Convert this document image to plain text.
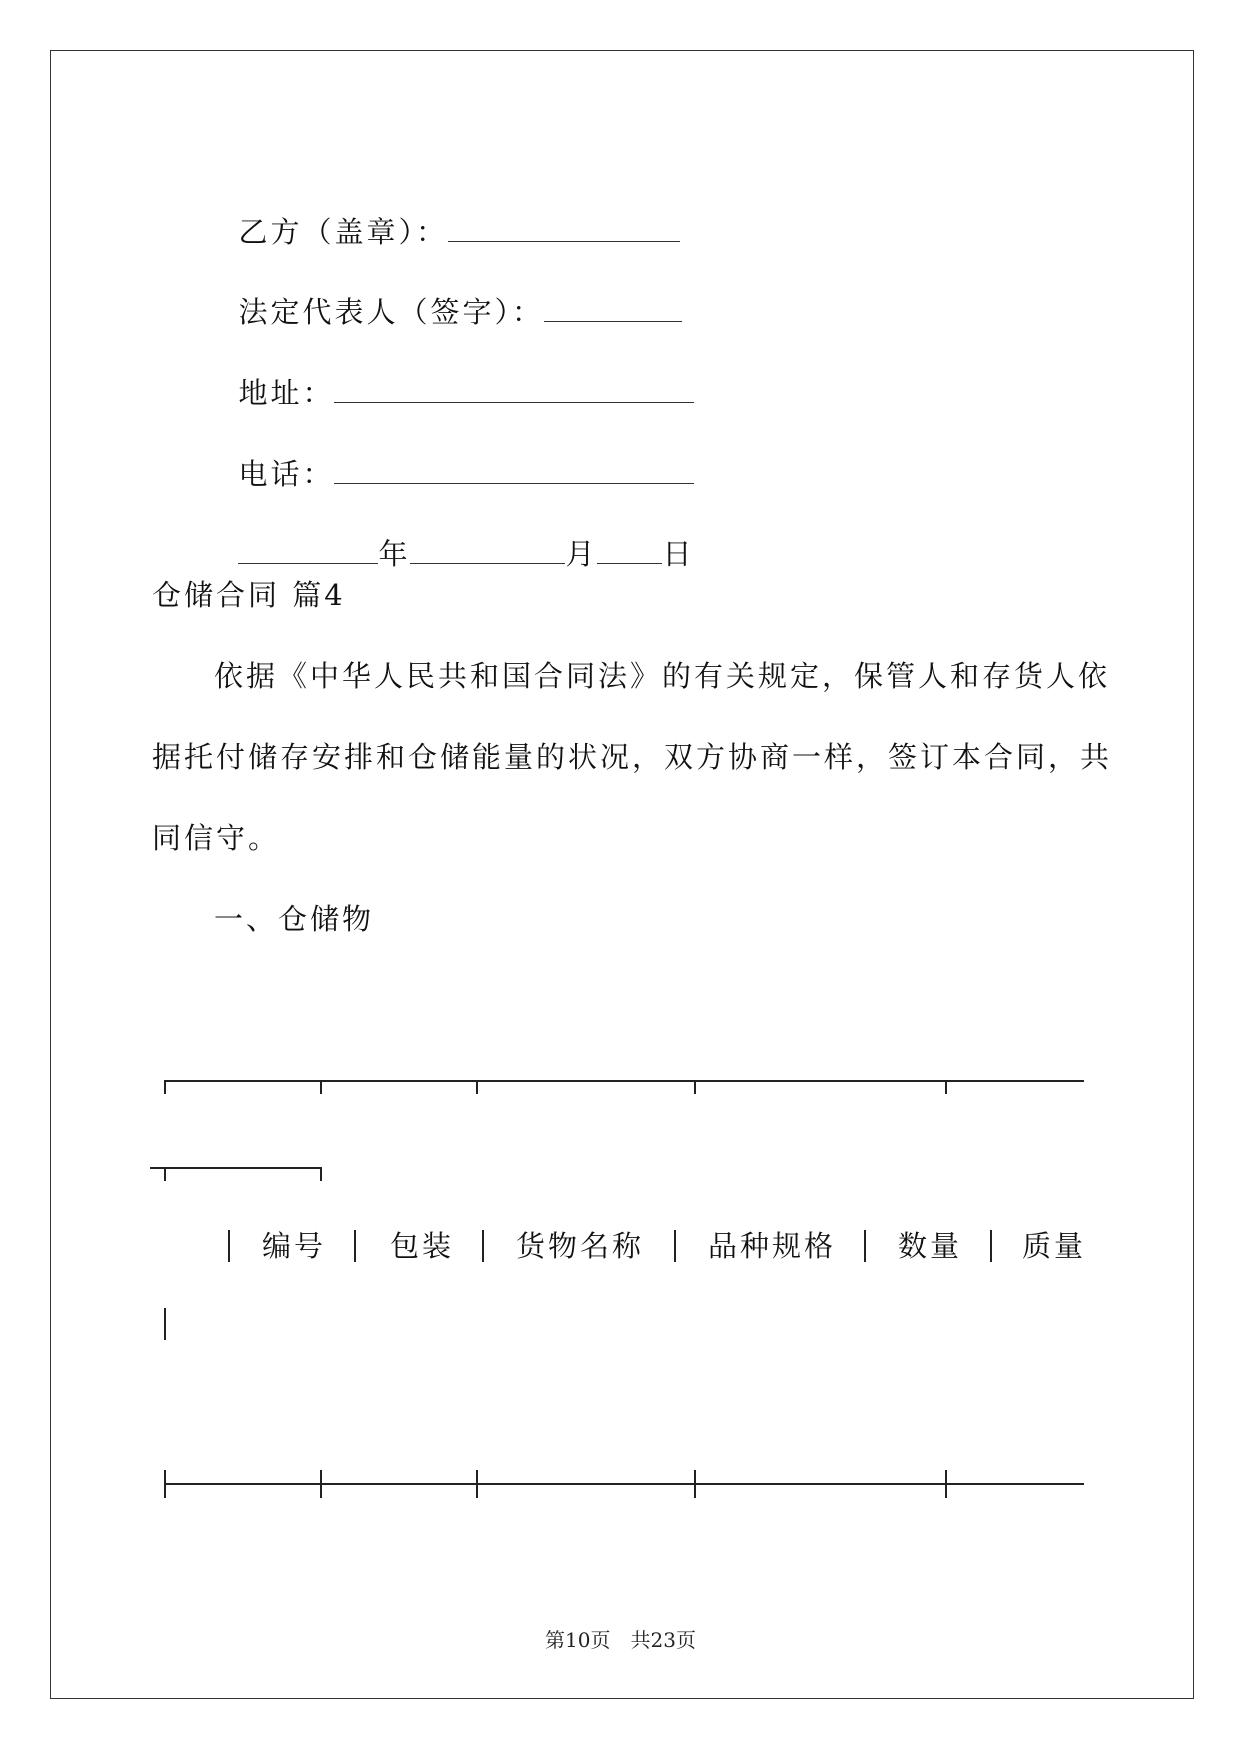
乙方（盖章）：

法定代表人（签字）：

地址：

电话：

年	月 日

仓储合同 篇4
依据《中华人民共和国合同法》的有关规定，保管人和存货人依
据托付储存安排和仓储能量的状况，双方协商一样，签订本合同，共
同信守。
一、仓储物
编号 包装 货物名称 品种规格 数量 质量
第10页　共23页
